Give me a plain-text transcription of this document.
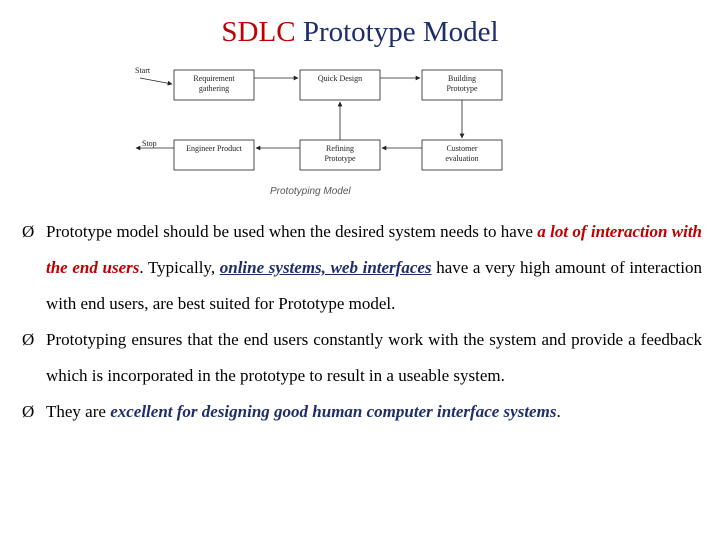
SDLC Prototype Model
Start
Requirement
gathering
Quick Design	Building
Prototype
Stop
Engineer Product	Refining
Prototype
Customer
evaluation
Prototyping Model
Ø Prototype model should be used when the desired system needs to have a lot of interaction with the end users. Typically, online systems, web interfaces have a very high amount of interaction with end users, are best suited for Prototype model.
Ø Prototyping ensures that the end users constantly work with the system and provide a feedback which is incorporated in the prototype to result in a useable system.
Ø They are excellent for designing good human computer interface systems.
